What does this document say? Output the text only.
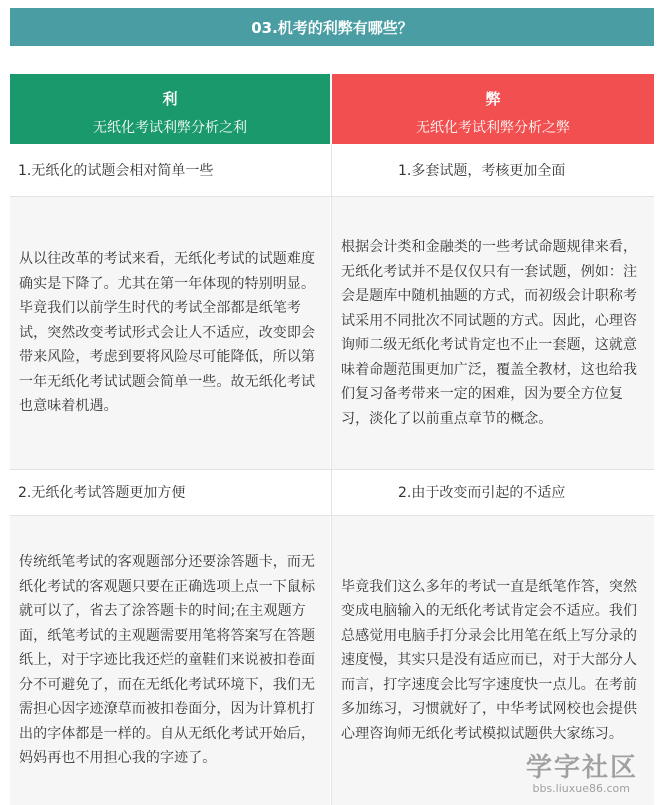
03.机考的利弊有哪些？
利
无纸化考试利弊分析之利
弊
无纸化考试利弊分析之弊
1.无纸化的试题会相对简单一些	1.多套试题，考核更加全面
从以往改革的考试来看，无纸化考试的试题难度确实是下降了。尤其在第一年体现的特别明显。毕竟我们以前学生时代的考试全部都是纸笔考试，突然改变考试形式会让人不适应，改变即会带来风险，考虑到要将风险尽可能降低，所以第一年无纸化考试试题会简单一些。故无纸化考试也意味着机遇。
根据会计类和金融类的一些考试命题规律来看，无纸化考试并不是仅仅只有一套试题，例如：注会是题库中随机抽题的方式，而初级会计职称考试采用不同批次不同试题的方式。因此，心理咨询师二级无纸化考试肯定也不止一套题，这就意味着命题范围更加广泛，覆盖全教材，这也给我们复习备考带来一定的困难，因为要全方位复习，淡化了以前重点章节的概念。
2.无纸化考试答题更加方便	2.由于改变而引起的不适应
传统纸笔考试的客观题部分还要涂答题卡，而无纸化考试的客观题只要在正确选项上点一下鼠标就可以了，省去了涂答题卡的时间;在主观题方面，纸笔考试的主观题需要用笔将答案写在答题纸上，对于字迹比我还烂的童鞋们来说被扣卷面分不可避免了，而在无纸化考试环境下，我们无需担心因字迹潦草而被扣卷面分，因为计算机打出的字体都是一样的。自从无纸化考试开始后，妈妈再也不用担心我的字迹了。
毕竟我们这么多年的考试一直是纸笔作答，突然变成电脑输入的无纸化考试肯定会不适应。我们总感觉用电脑手打分录会比用笔在纸上写分录的速度慢，其实只是没有适应而已，对于大部分人而言，打字速度会比写字速度快一点儿。在考前多加练习，习惯就好了，中华考试网校也会提供心理咨询师无纸化考试模拟试题供大家练习。
学字社区
bbs.liuxue86.com
